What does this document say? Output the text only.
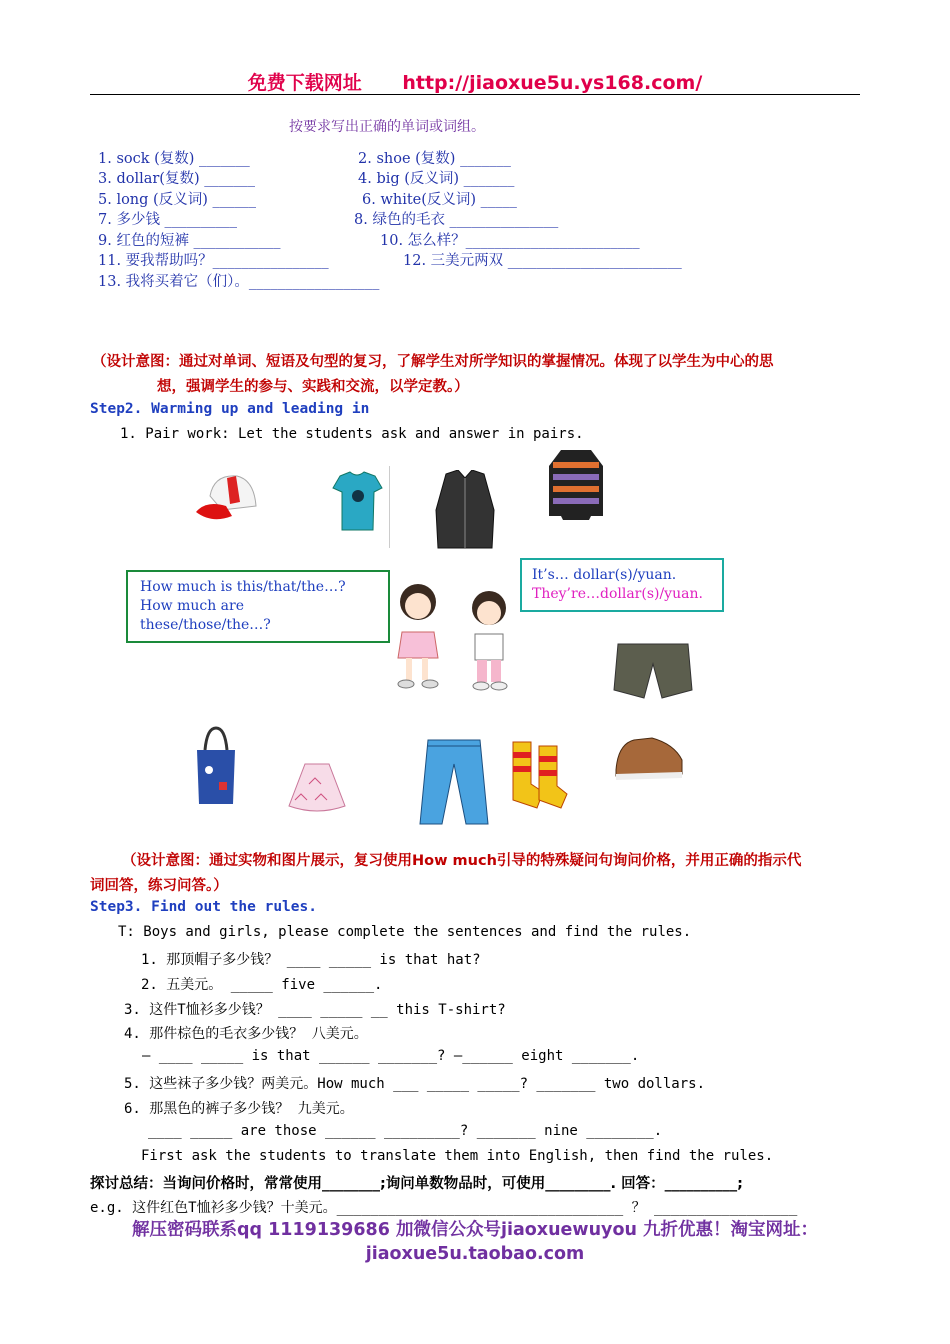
免费下载网址 http://jiaoxue5u.ys168.com/
按要求写出正确的单词或词组。
1. sock (复数) _______	2. shoe (复数) _______
3. dollar(复数) _______	4. big (反义词) _______
5. long (反义词) ______	6. white(反义词) _____
7. 多少钱 __________	8. 绿色的毛衣 _______________
9. 红色的短裤 ____________	10. 怎么样？________________________
11. 要我帮助吗？________________	12. 三美元两双 ________________________
13. 我将买着它（们）。__________________
（设计意图：通过对单词、短语及句型的复习，了解学生对所学知识的掌握情况。体现了以学生为中心的思
想，强调学生的参与、实践和交流，以学定教。）
Step2. Warming up and leading in
1. Pair work: Let the students ask and answer in pairs.
How much is this/that/the…?
How much are these/those/the…?
It’s… dollar(s)/yuan.
They’re…dollar(s)/yuan.
（设计意图：通过实物和图片展示，复习使用How much引导的特殊疑问句询问价格，并用正确的指示代
词回答，练习问答。）
Step3. Find out the rules.
T: Boys and girls, please complete the sentences and find the rules.
1. 那顶帽子多少钱？ ____ _____ is that hat?
2. 五美元。 _____ five ______.
3. 这件T恤衫多少钱？ ____ _____ __ this T-shirt?
4. 那件棕色的毛衣多少钱？ 八美元。
— ____ _____ is that ______ _______? —______ eight _______.
5. 这些袜子多少钱？两美元。How much ___ _____ _____? _______ two dollars.
6. 那黑色的裤子多少钱？ 九美元。
____ _____ are those ______ _________? _______ nine ________.
First ask the students to translate them into English, then find the rules.
探讨总结：当询问价格时，常常使用________;询问单数物品时，可使用_________. 回答：__________;
e.g. 这件红色T恤衫多少钱？十美元。__________________________________ ？ _________________
解压密码联系qq 1119139686 加微信公众号jiaoxuewuyou 九折优惠！淘宝网址：jiaoxue5u.taobao.com
